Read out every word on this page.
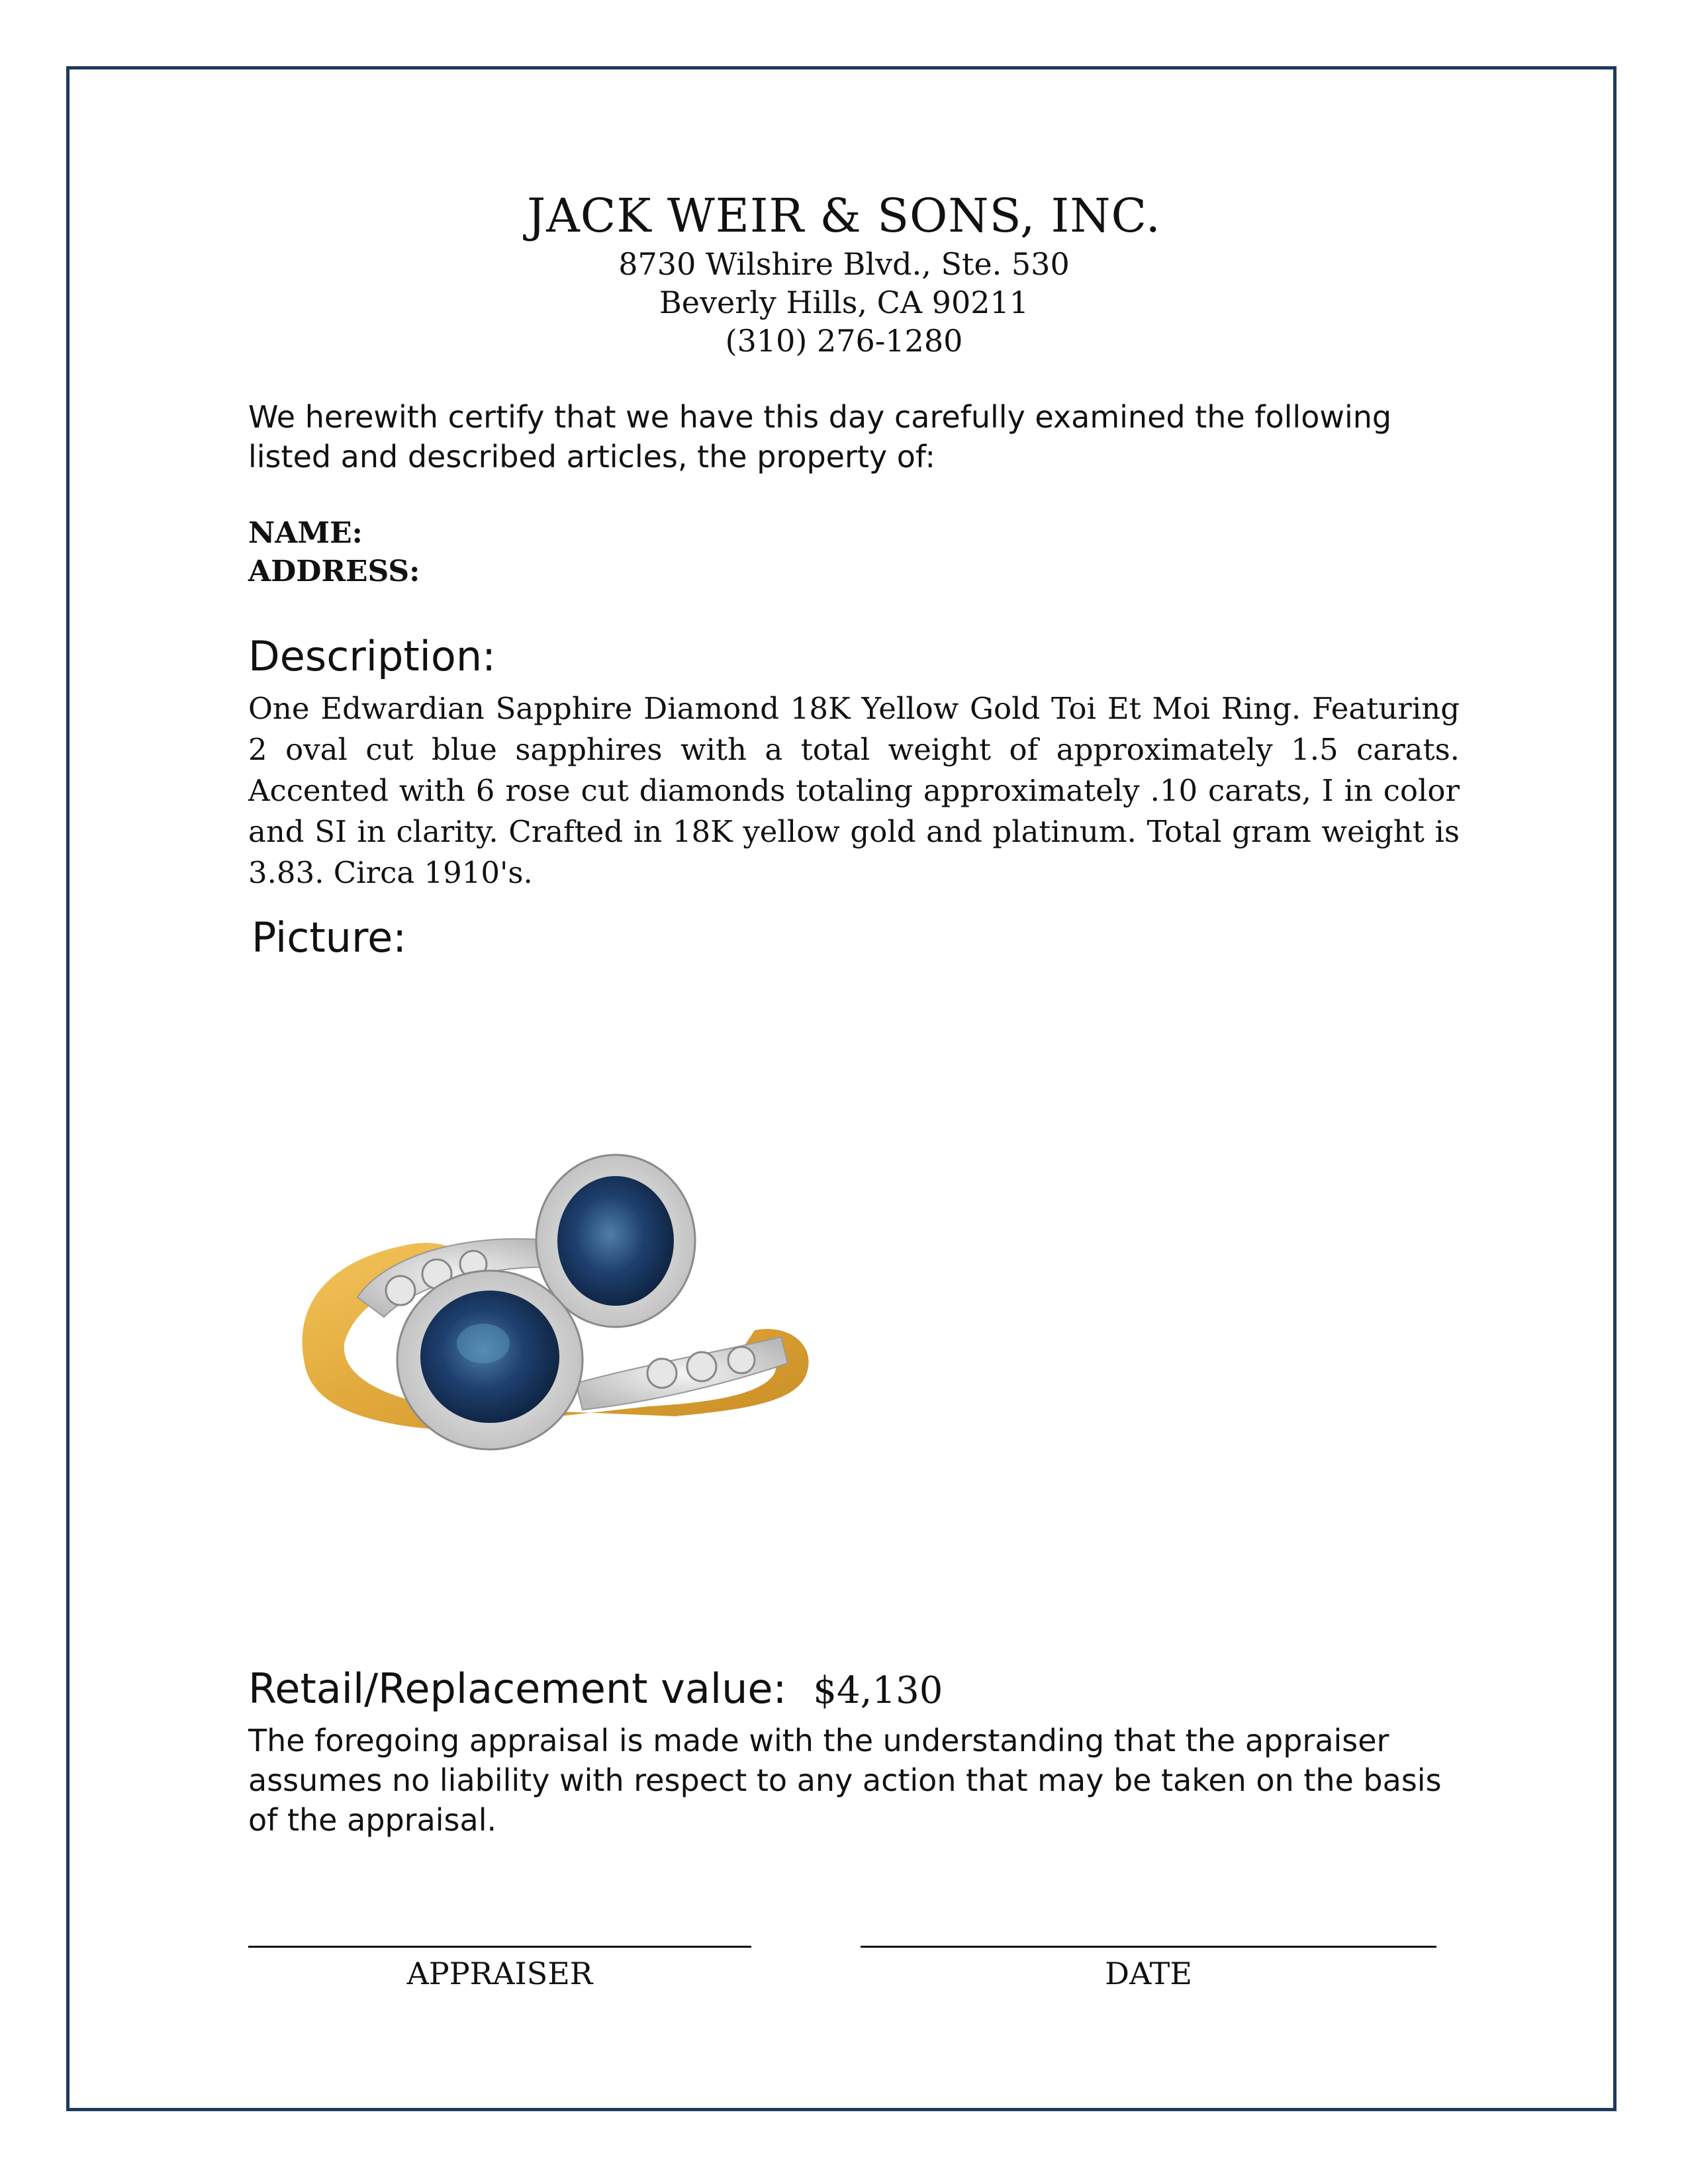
JACK WEIR & SONS, INC.
8730 Wilshire Blvd., Ste. 530
Beverly Hills, CA 90211
(310) 276-1280
We herewith certify that we have this day carefully examined the following listed and described articles, the property of:
NAME:
ADDRESS:
Description:
One Edwardian Sapphire Diamond 18K Yellow Gold Toi Et Moi Ring. Featuring 2 oval cut blue sapphires with a total weight of approximately 1.5 carats. Accented with 6 rose cut diamonds totaling approximately .10 carats, I in color and SI in clarity. Crafted in 18K yellow gold and platinum. Total gram weight is 3.83. Circa 1910's.
Picture:
Retail/Replacement value: $4,130
The foregoing appraisal is made with the understanding that the appraiser assumes no liability with respect to any action that may be taken on the basis of the appraisal.
APPRAISER	DATE
